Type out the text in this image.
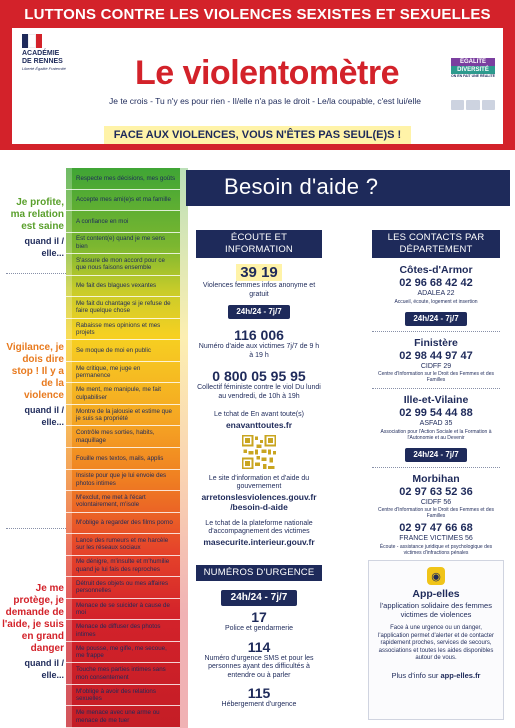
LUTTONS CONTRE LES VIOLENCES SEXISTES ET SEXUELLES
ACADÉMIE
DE RENNES
Liberté Égalité Fraternité	Le violentomètre
Je te crois - Tu n'y es pour rien - Il/elle n'a pas le droit - Le/la coupable, c'est lui/elle
ÉGALITÉ
DIVERSITÉ
ON EN FAIT UNE RÉALITÉ
FACE AUX VIOLENCES, VOUS N'ÊTES PAS SEUL(E)S !
Je profite, ma relation est saine
quand il / elle...
Vigilance, je dois dire stop ! Il y a de la violence
quand il / elle...
Je me protège, je demande de l'aide, je suis en grand danger
quand il / elle...
Respecte mes décisions, mes goûts
Accepte mes ami(e)s et ma famille
A confiance en moi
Est content(e) quand je me sens bien
S'assure de mon accord pour ce que nous faisons ensemble
Me fait des blagues vexantes
Me fait du chantage si je refuse de faire quelque chose
Rabaisse mes opinions et mes projets
Se moque de moi en public
Me critique, me juge en permanence
Me ment, me manipule, me fait culpabiliser
Montre de la jalousie et estime que je suis sa propriété
Contrôle mes sorties, habits, maquillage
Fouille mes textos, mails, applis
Insiste pour que je lui envoie des photos intimes
M'exclut, me met à l'écart volontairement, m'isole
M'oblige à regarder des films porno
Lance des rumeurs et me harcèle sur les réseaux sociaux
Me dénigre, m'insulte et m'humilie quand je lui fais des reproches
Détruit des objets ou mes affaires personnelles
Menace de se suicider à cause de moi
Menace de diffuser des photos intimes
Me pousse, me gifle, me secoue, me frappe
Touche mes parties intimes sans mon consentement
M'oblige à avoir des relations sexuelles
Me menace avec une arme ou menace de me tuer
Besoin d'aide ?
ÉCOUTE ET INFORMATION
39 19
Violences femmes infos anonyme et gratuit
24h/24 - 7j/7
116 006
Numéro d'aide aux victimes 7j/7 de 9 h à 19 h
0 800 05 95 95
Collectif féministe contre le viol Du lundi au vendredi, de 10h à 19h
Le tchat de En avant toute(s)
enavanttoutes.fr
Le site d'information et d'aide du gouvernement
arretonslesviolences.gouv.fr /besoin-d-aide
Le tchat de la plateforme nationale d'accompagnement des victimes
masecurite.interieur.gouv.fr
NUMÉROS D'URGENCE
24h/24 - 7j/7
17
Police et gendarmerie
114
Numéro d'urgence SMS et pour les personnes ayant des difficultés à entendre ou à parler
115
Hébergement d'urgence
LES CONTACTS PAR DÉPARTEMENT
Côtes-d'Armor
02 96 68 42 42
ADALEA 22
Accueil, écoute, logement et insertion
24h/24 - 7j/7
Finistère
02 98 44 97 47
CIDFF 29
Centre d'Information sur le Droit des Femmes et des Familles
Ille-et-Vilaine
02 99 54 44 88
ASFAD 35
Association pour l'Action Sociale et la Formation à l'Autonomie et au Devenir
24h/24 - 7j/7
Morbihan
02 97 63 52 36
CIDFF 56
Centre d'Information sur le Droit des Femmes et des Familles
02 97 47 66 68
FRANCE VICTIMES 56
Écoute - assistance juridique et psychologique des victimes d'infractions pénales
◉
App-elles
l'application solidaire des femmes victimes de violences
Face à une urgence ou un danger, l'application permet d'alerter et de contacter rapidement proches, services de secours, associations et toutes les aides disponibles autour de vous.
Plus d'info sur app-elles.fr
